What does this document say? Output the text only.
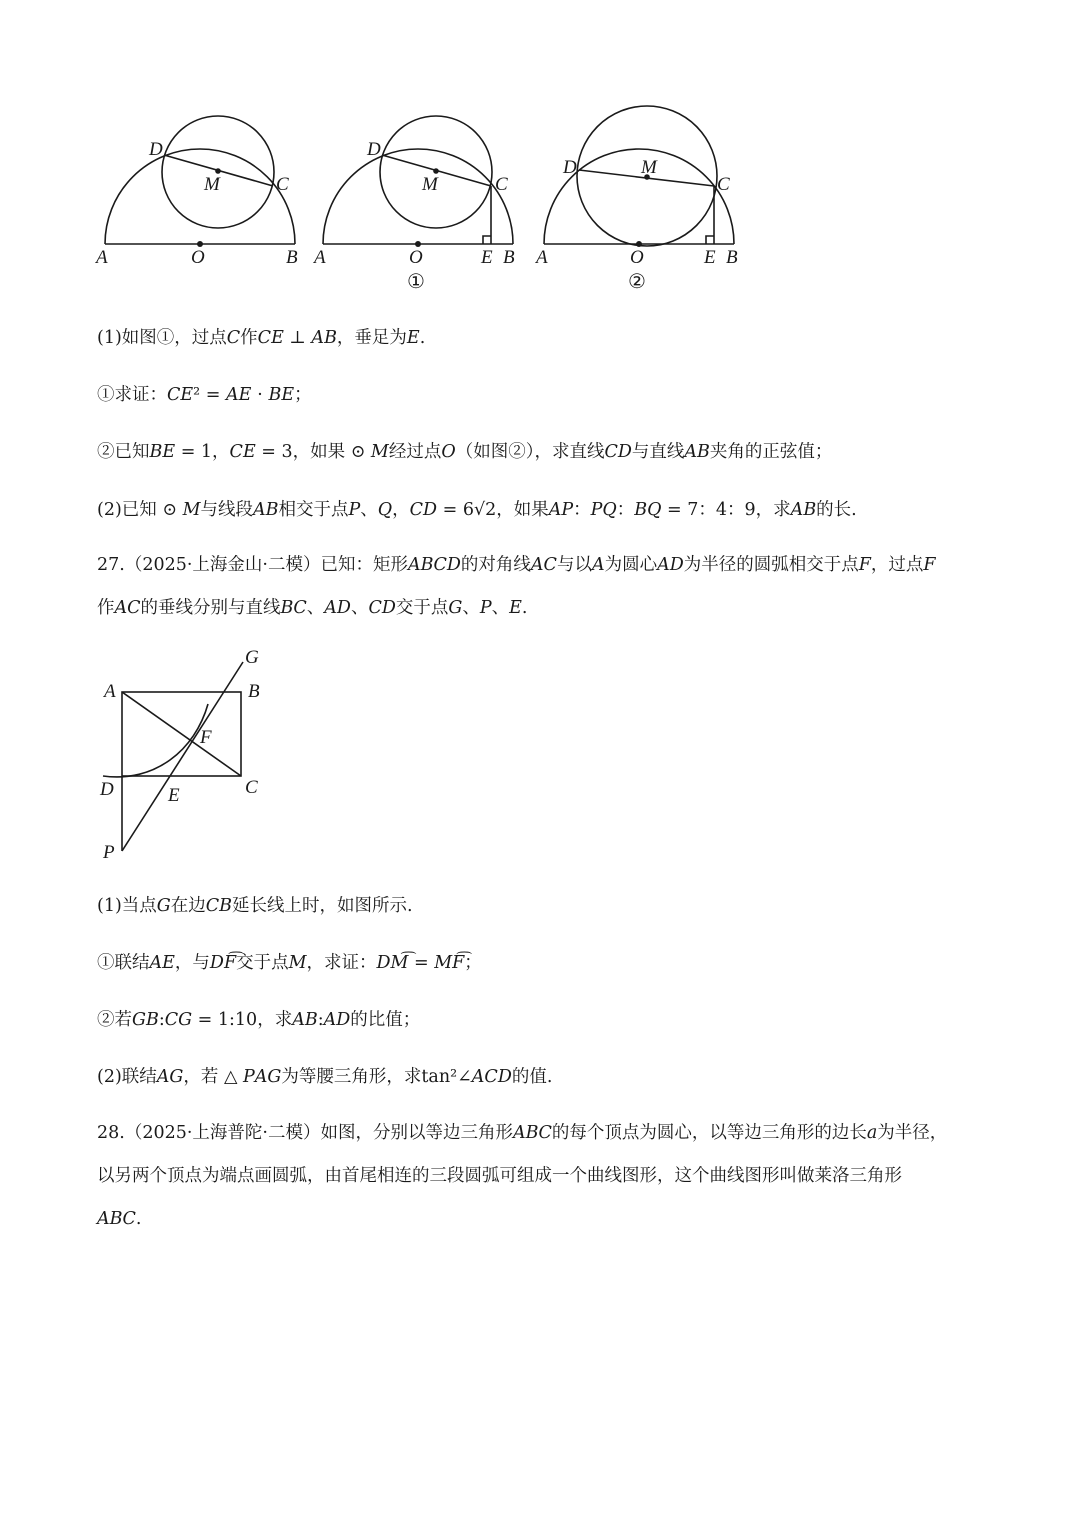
D
M	C
A	O	B
D
M	C
A	O	E B
①
D	M
C
A	O	E B
②
(1)如图①，过点𝐶作𝐶𝐸 ⊥ 𝐴𝐵，垂足为𝐸.
①求证：𝐶𝐸² = 𝐴𝐸 ⋅ 𝐵𝐸；
②已知𝐵𝐸 = 1，𝐶𝐸 = 3，如果 ⊙ 𝑀经过点𝑂（如图②），求直线𝐶𝐷与直线𝐴𝐵夹角的正弦值；
(2)已知 ⊙ 𝑀与线段𝐴𝐵相交于点𝑃、𝑄，𝐶𝐷 = 6√2，如果𝐴𝑃：𝑃𝑄：𝐵𝑄 = 7：4：9，求𝐴𝐵的长.
27.（2025·上海金山·二模）已知：矩形𝐴𝐵𝐶𝐷的对角线𝐴𝐶与以𝐴为圆心𝐴𝐷为半径的圆弧相交于点𝐹，过点𝐹
作𝐴𝐶的垂线分别与直线𝐵𝐶、𝐴𝐷、𝐶𝐷交于点𝐺、𝑃、𝐸.
G
A	B
F
D	E	C
P
(1)当点𝐺在边𝐶𝐵延长线上时，如图所示.
①联结𝐴𝐸，与𝐷𝐹͡交于点𝑀，求证：𝐷𝑀͡ = 𝑀𝐹͡；
②若𝐺𝐵:𝐶𝐺 = 1:10，求𝐴𝐵:𝐴𝐷的比值；
(2)联结𝐴𝐺，若 △ 𝑃𝐴𝐺为等腰三角形，求tan²∠𝐴𝐶𝐷的值.
28.（2025·上海普陀·二模）如图，分别以等边三角形𝐴𝐵𝐶的每个顶点为圆心，以等边三角形的边长𝑎为半径，
以另两个顶点为端点画圆弧，由首尾相连的三段圆弧可组成一个曲线图形，这个曲线图形叫做莱洛三角形
𝐴𝐵𝐶.
